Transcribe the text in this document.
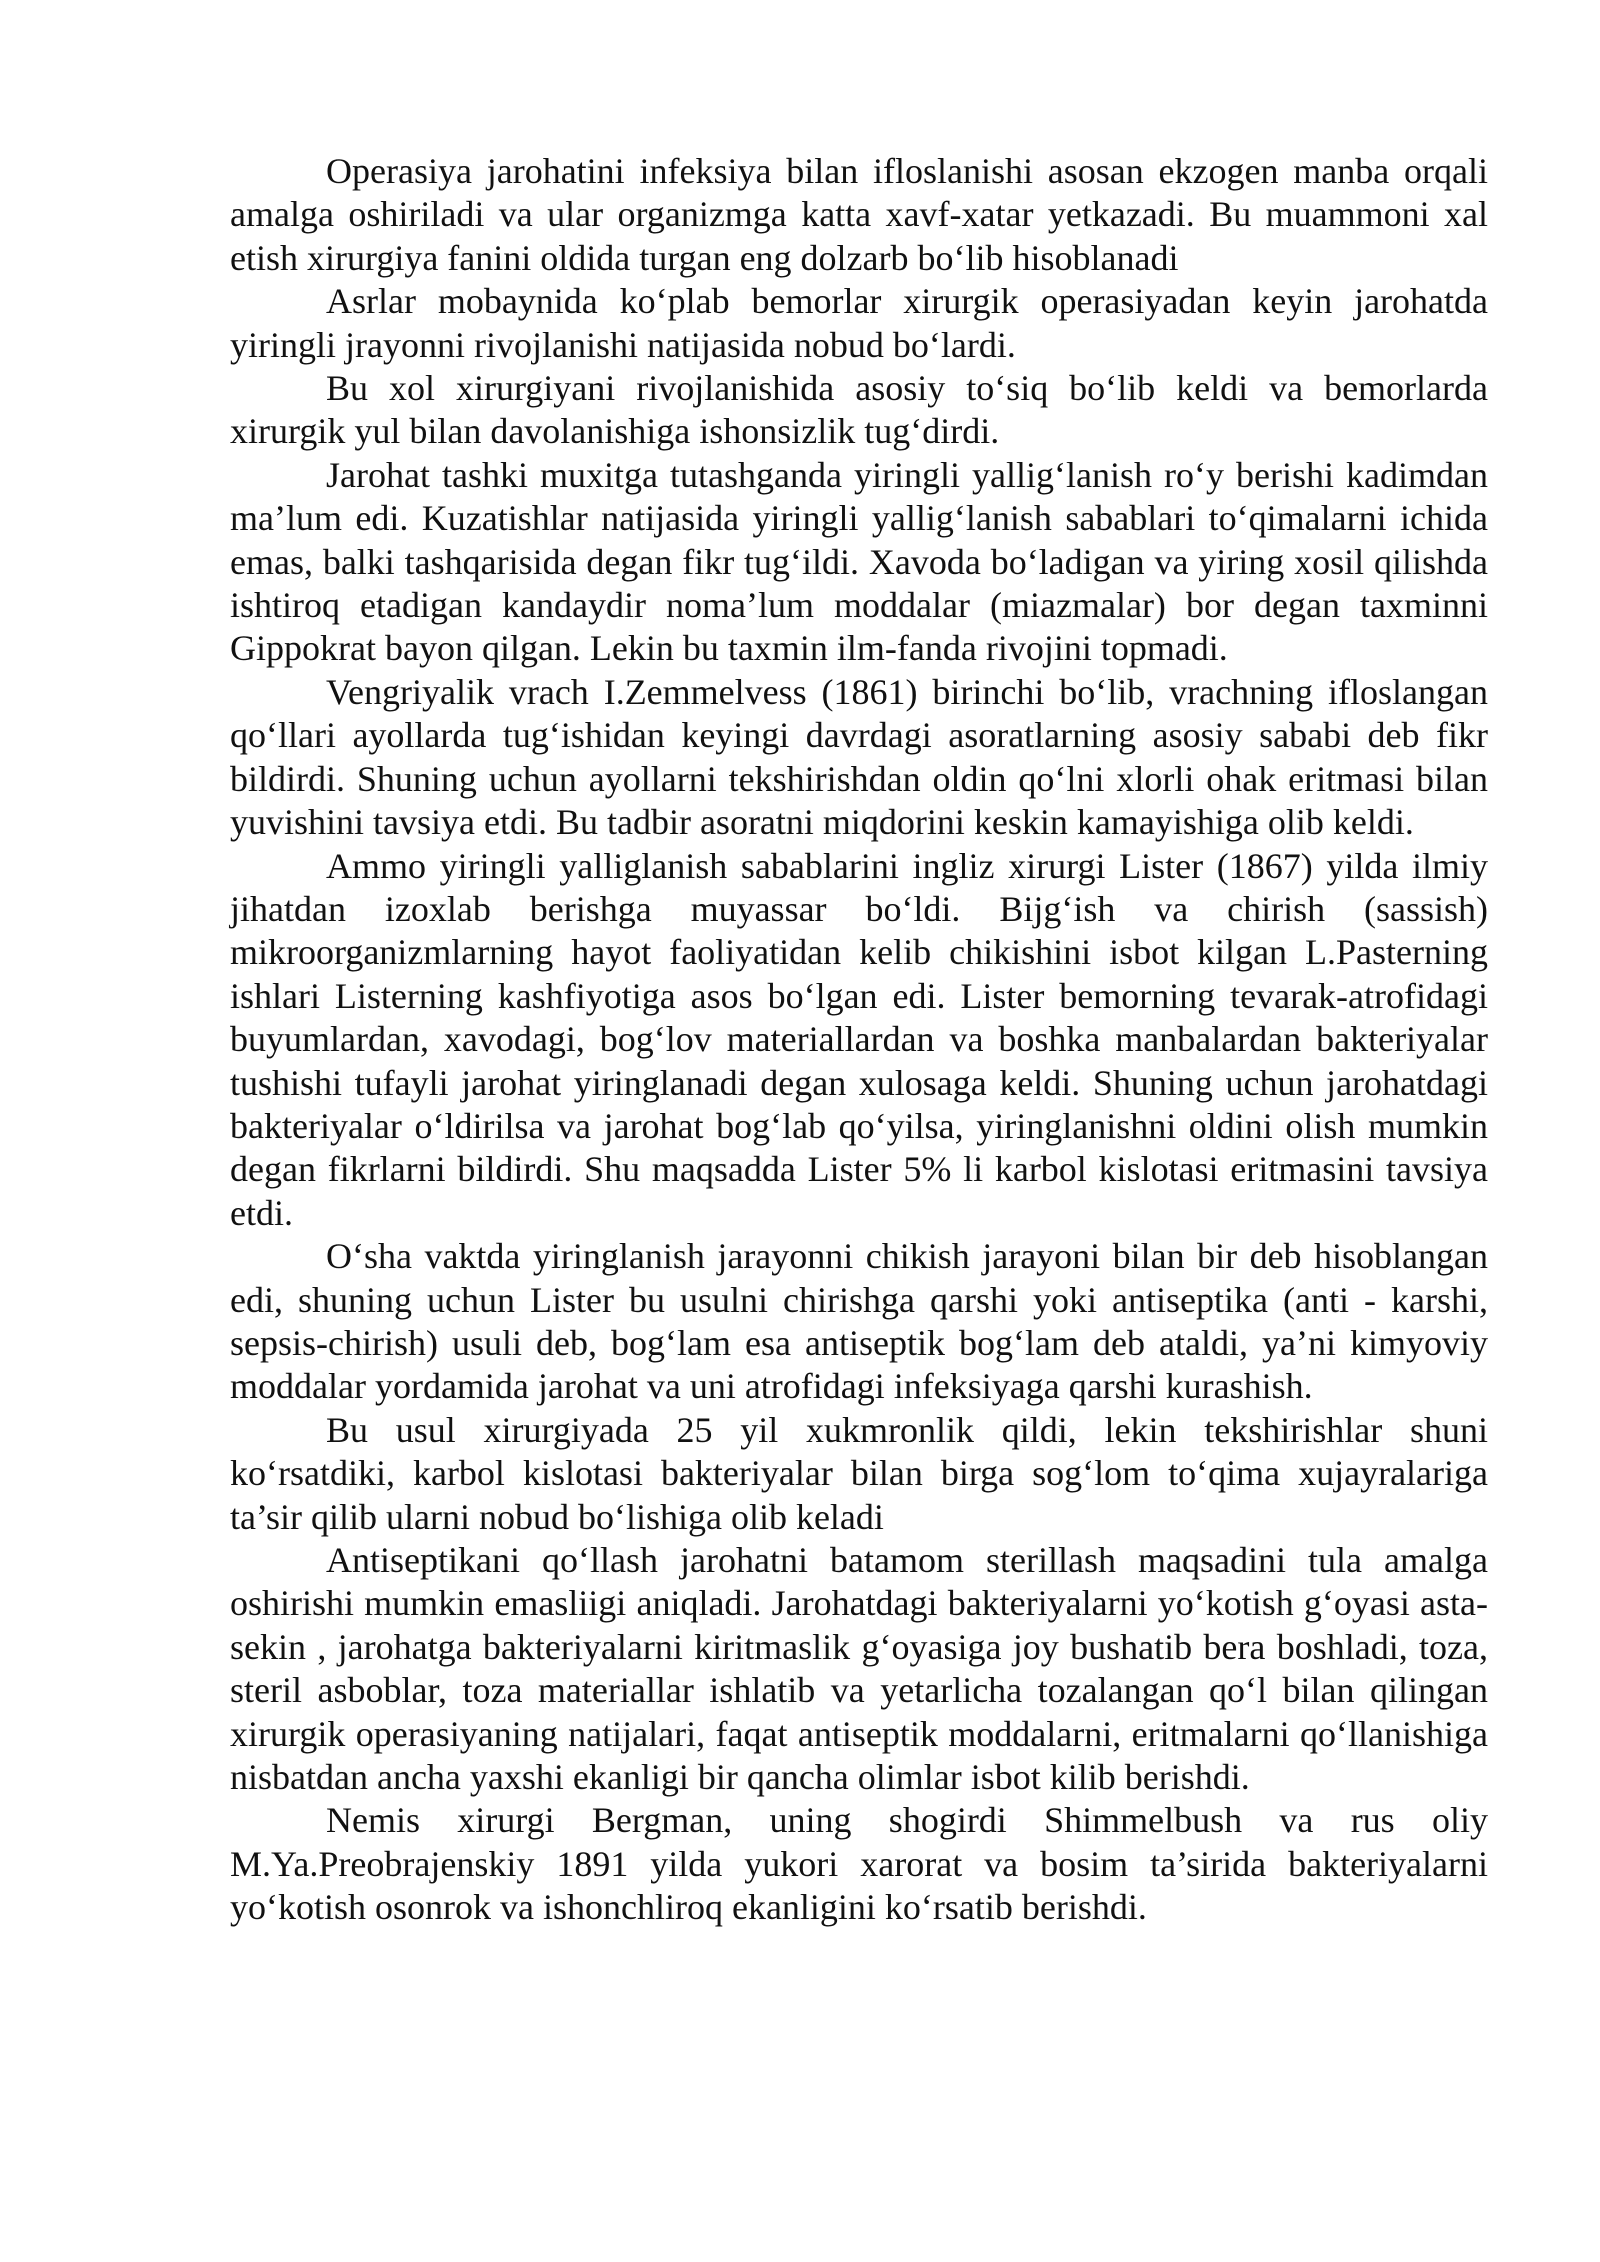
Operasiya jarohatini infeksiya bilan ifloslanishi asosan ekzogen manba orqali amalga oshiriladi va ular organizmga katta xavf-xatar yetkazadi. Bu muammoni xal etish xirurgiya fanini oldida turgan eng dolzarb bo‘lib hisoblanadi

Asrlar mobaynida ko‘plab bemorlar xirurgik operasiyadan keyin jarohatda yiringli jrayonni rivojlanishi natijasida nobud bo‘lardi.

Bu xol xirurgiyani rivojlanishida asosiy to‘siq bo‘lib keldi va bemorlarda xirurgik yul bilan davolanishiga ishonsizlik tug‘dirdi.

Jarohat tashki muxitga tutashganda yiringli yallig‘lanish ro‘y berishi kadimdan ma’lum edi. Kuzatishlar natijasida yiringli yallig‘lanish sabablari to‘qimalarni ichida emas, balki tashqarisida degan fikr tug‘ildi. Xavoda bo‘ladigan va yiring xosil qilishda ishtiroq etadigan kandaydir noma’lum moddalar (miazmalar) bor degan taxminni Gippokrat bayon qilgan. Lekin bu taxmin ilm-fanda rivojini topmadi.

Vengriyalik vrach I.Zemmelvess (1861) birinchi bo‘lib, vrachning ifloslangan qo‘llari ayollarda tug‘ishidan keyingi davrdagi asoratlarning asosiy sababi deb fikr bildirdi. Shuning uchun ayollarni tekshirishdan oldin qo‘lni xlorli ohak eritmasi bilan yuvishini tavsiya etdi. Bu tadbir asoratni miqdorini keskin kamayishiga olib keldi.

Ammo yiringli yalliglanish sabablarini ingliz xirurgi Lister (1867) yilda ilmiy jihatdan izoxlab berishga muyassar bo‘ldi. Bijg‘ish va chirish (sassish) mikroorganizmlarning hayot faoliyatidan kelib chikishini isbot kilgan L.Pasterning ishlari Listerning kashfiyotiga asos bo‘lgan edi. Lister bemorning tevarak-atrofidagi buyumlardan, xavodagi, bog‘lov materiallardan va boshka manbalardan bakteriyalar tushishi tufayli jarohat yiringlanadi degan xulosaga keldi. Shuning uchun jarohatdagi bakteriyalar o‘ldirilsa va jarohat bog‘lab qo‘yilsa, yiringlanishni oldini olish mumkin degan fikrlarni bildirdi. Shu maqsadda Lister 5% li karbol kislotasi eritmasini tavsiya etdi.

O‘sha vaktda yiringlanish jarayonni chikish jarayoni bilan bir deb hisoblangan edi, shuning uchun Lister bu usulni chirishga qarshi yoki antiseptika (anti - karshi, sepsis-chirish) usuli deb, bog‘lam esa antiseptik bog‘lam deb ataldi, ya’ni kimyoviy moddalar yordamida jarohat va uni atrofidagi infeksiyaga qarshi kurashish.

Bu usul xirurgiyada 25 yil xukmronlik qildi, lekin tekshirishlar shuni ko‘rsatdiki, karbol kislotasi bakteriyalar bilan birga sog‘lom to‘qima xujayralariga ta’sir qilib ularni nobud bo‘lishiga olib keladi

Antiseptikani qo‘llash jarohatni batamom sterillash maqsadini tula amalga oshirishi mumkin emasliigi aniqladi. Jarohatdagi bakteriyalarni yo‘kotish g‘oyasi asta-sekin , jarohatga bakteriyalarni kiritmaslik g‘oyasiga joy bushatib bera boshladi, toza, steril asboblar, toza materiallar ishlatib va yetarlicha tozalangan qo‘l bilan qilingan xirurgik operasiyaning natijalari, faqat antiseptik moddalarni, eritmalarni qo‘llanishiga nisbatdan ancha yaxshi ekanligi bir qancha olimlar isbot kilib berishdi.

Nemis xirurgi Bergman, uning shogirdi Shimmelbush va rus oliy M.Ya.Preobrajenskiy 1891 yilda yukori xarorat va bosim ta’sirida bakteriyalarni yo‘kotish osonrok va ishonchliroq ekanligini ko‘rsatib berishdi.
